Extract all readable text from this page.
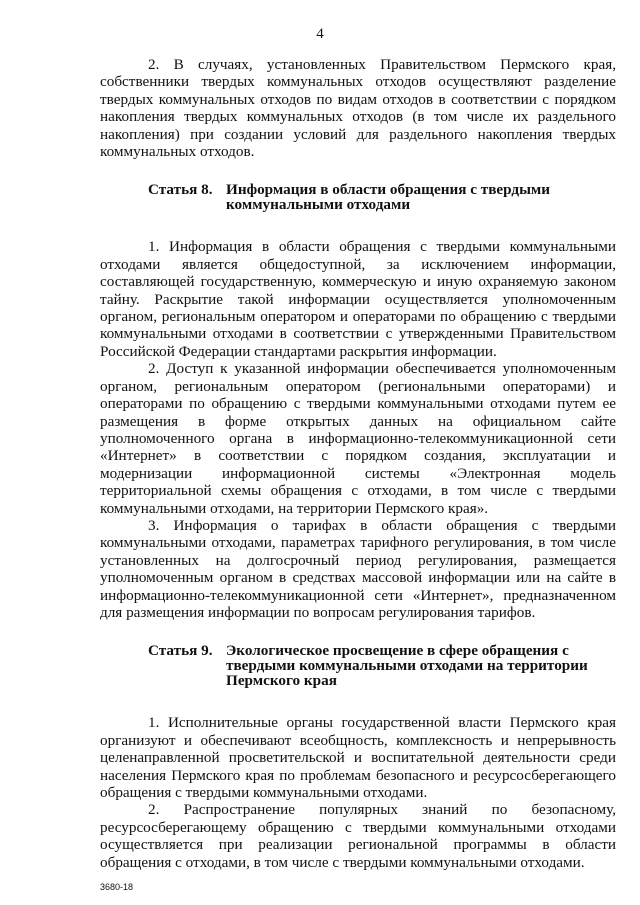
4

2. В случаях, установленных Правительством Пермского края, собственники твердых коммунальных отходов осуществляют разделение твердых коммунальных отходов по видам отходов в соответствии с порядком накопления твердых коммунальных отходов (в том числе их раздельного накопления) при создании условий для раздельного накопления твердых коммунальных отходов.

Статья 8. Информация в области обращения с твердыми коммунальными отходами

1. Информация в области обращения с твердыми коммунальными отходами является общедоступной, за исключением информации, составляющей государственную, коммерческую и иную охраняемую законом тайну. Раскрытие такой информации осуществляется уполномоченным органом, региональным оператором и операторами по обращению с твердыми коммунальными отходами в соответствии с утвержденными Правительством Российской Федерации стандартами раскрытия информации.

2. Доступ к указанной информации обеспечивается уполномоченным органом, региональным оператором (региональными операторами) и операторами по обращению с твердыми коммунальными отходами путем ее размещения в форме открытых данных на официальном сайте уполномоченного органа в информационно-телекоммуникационной сети «Интернет» в соответствии с порядком создания, эксплуатации и модернизации информационной системы «Электронная модель территориальной схемы обращения с отходами, в том числе с твердыми коммунальными отходами, на территории Пермского края».

3. Информация о тарифах в области обращения с твердыми коммунальными отходами, параметрах тарифного регулирования, в том числе установленных на долгосрочный период регулирования, размещается уполномоченным органом в средствах массовой информации или на сайте в информационно-телекоммуникационной сети «Интернет», предназначенном для размещения информации по вопросам регулирования тарифов.

Статья 9. Экологическое просвещение в сфере обращения с твердыми коммунальными отходами на территории Пермского края

1. Исполнительные органы государственной власти Пермского края организуют и обеспечивают всеобщность, комплексность и непрерывность целенаправленной просветительской и воспитательной деятельности среди населения Пермского края по проблемам безопасного и ресурсосберегающего обращения с твердыми коммунальными отходами.

2. Распространение популярных знаний по безопасному, ресурсосберегающему обращению с твердыми коммунальными отходами осуществляется при реализации региональной программы в области обращения с отходами, в том числе с твердыми коммунальными отходами.

3680-18
